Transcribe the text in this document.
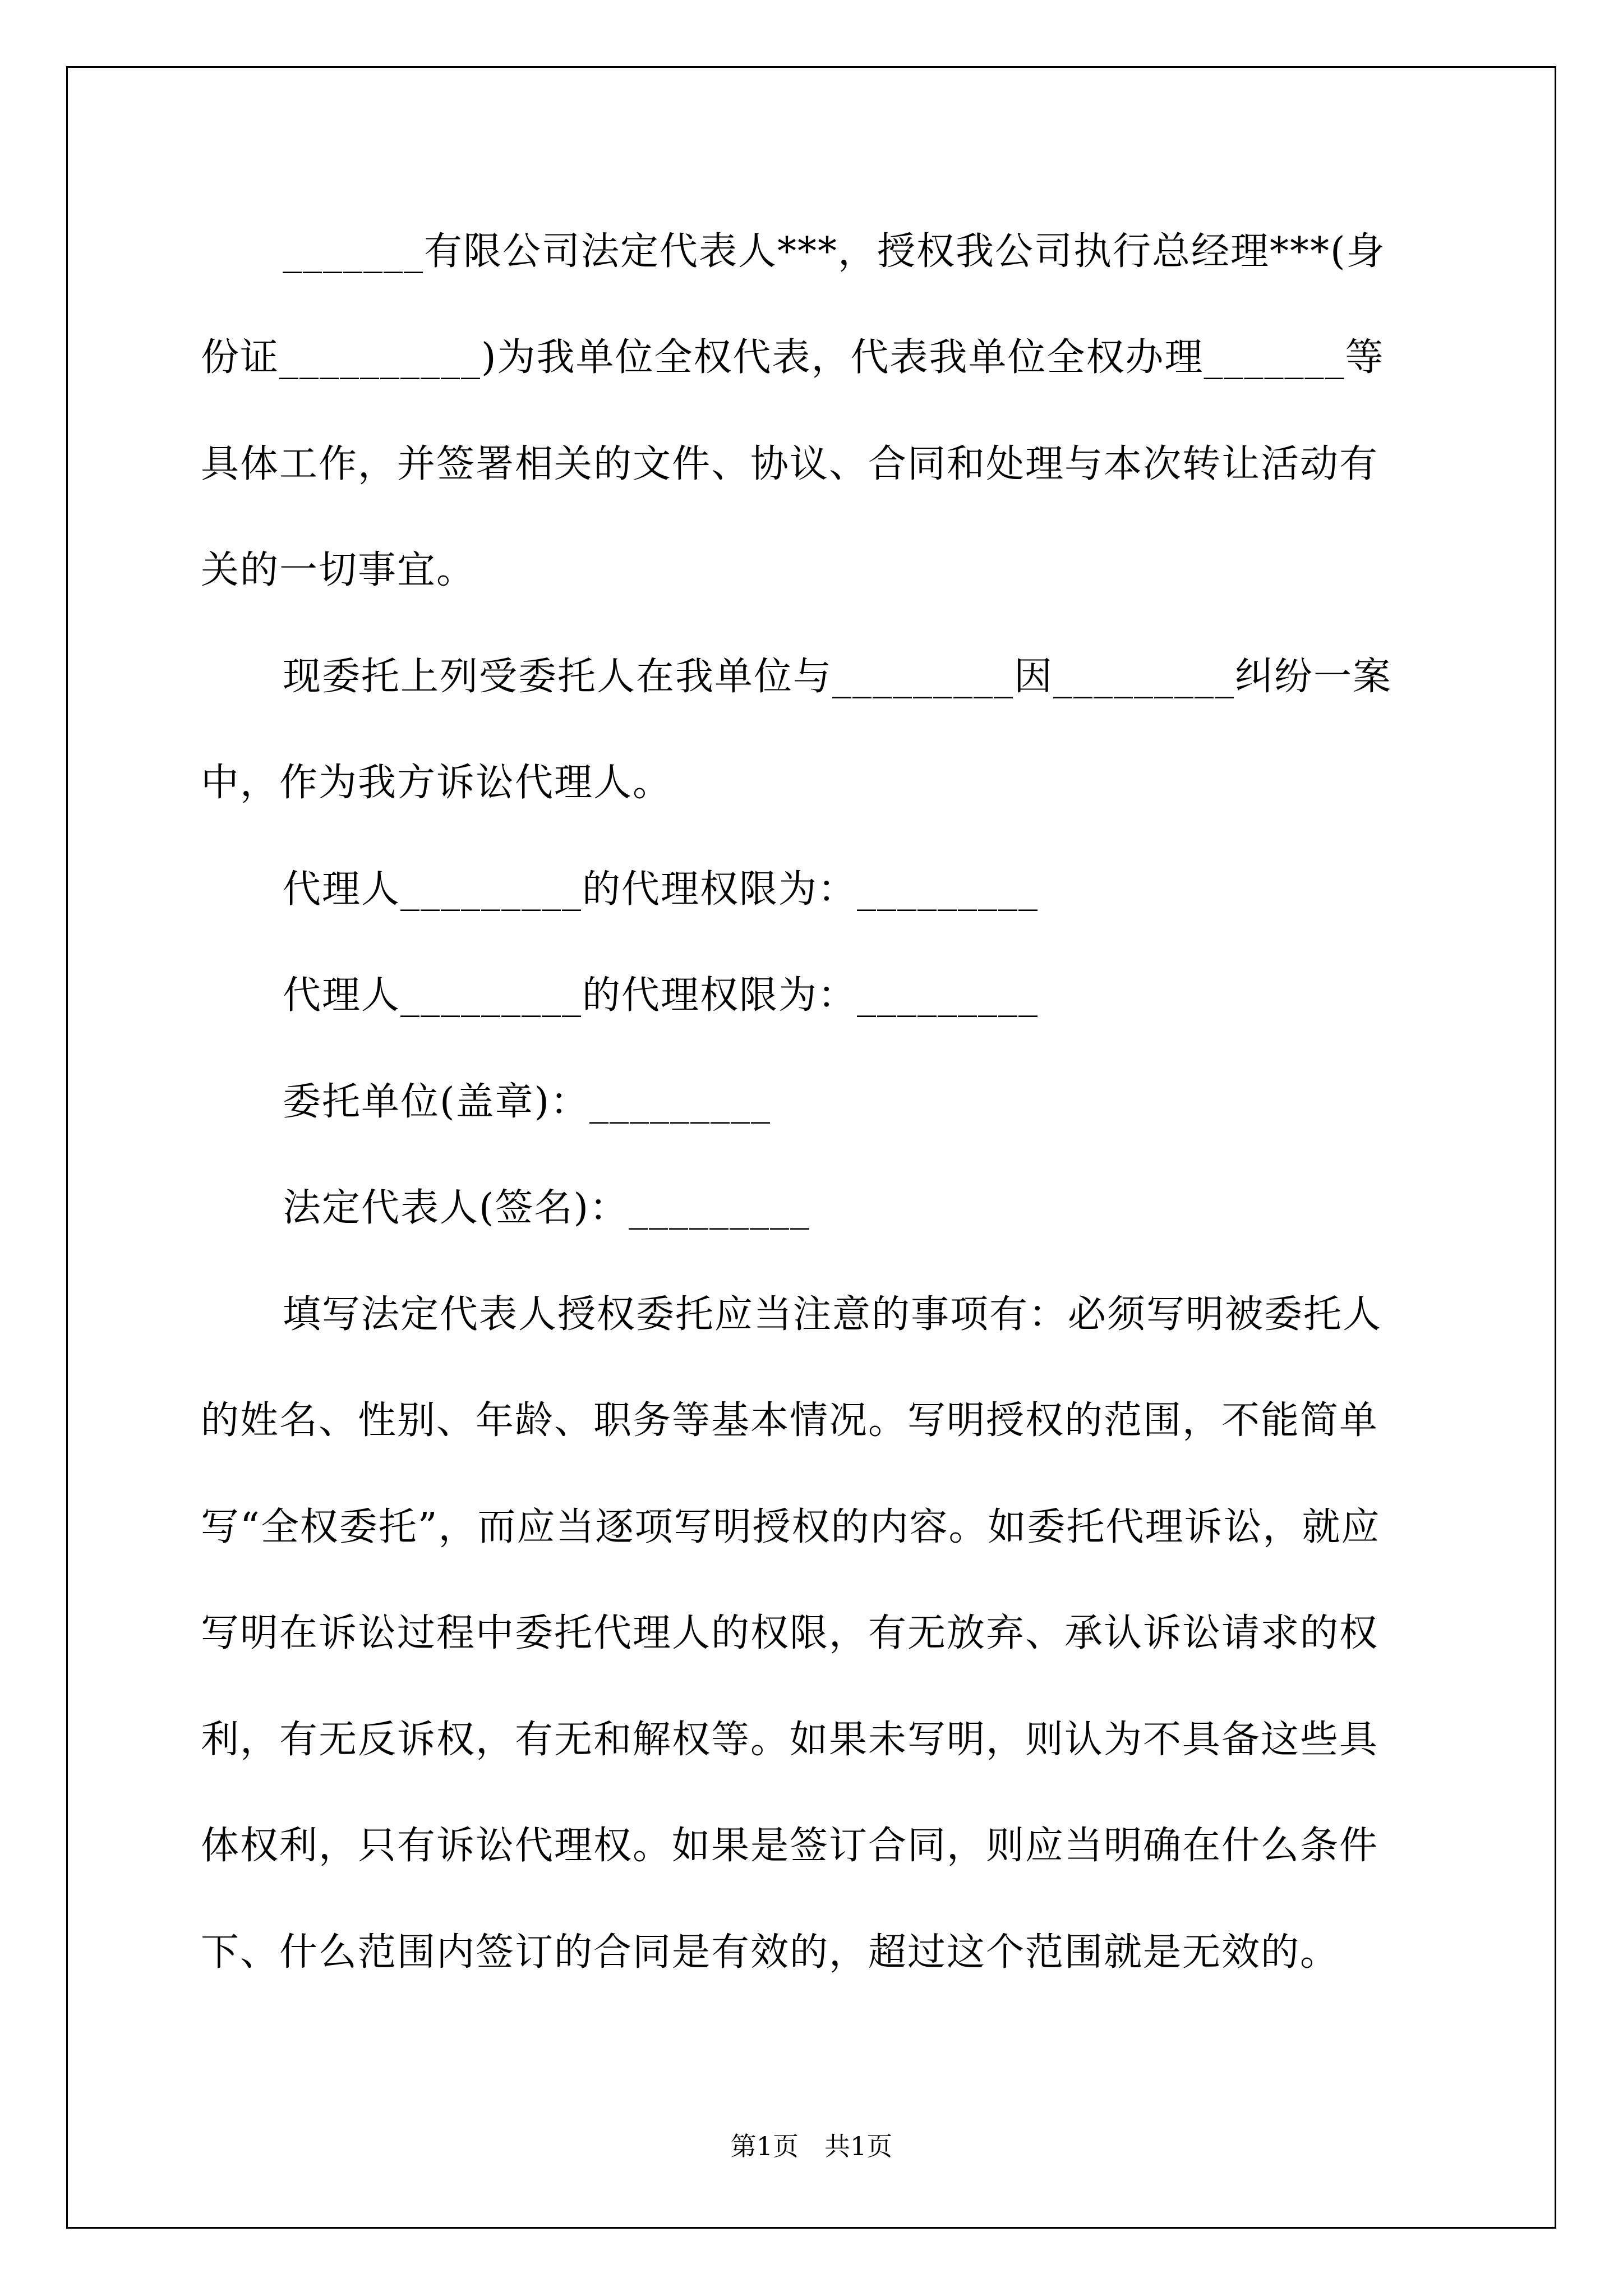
_______有限公司法定代表人***，授权我公司执行总经理***(身
份证__________)为我单位全权代表，代表我单位全权办理_______等
具体工作，并签署相关的文件、协议、合同和处理与本次转让活动有
关的一切事宜。
现委托上列受委托人在我单位与_________因_________纠纷一案
中，作为我方诉讼代理人。
代理人_________的代理权限为：_________
代理人_________的代理权限为：_________
委托单位(盖章)：_________
法定代表人(签名)：_________
填写法定代表人授权委托应当注意的事项有：必须写明被委托人
的姓名、性别、年龄、职务等基本情况。写明授权的范围，不能简单
写“全权委托”，而应当逐项写明授权的内容。如委托代理诉讼，就应
写明在诉讼过程中委托代理人的权限，有无放弃、承认诉讼请求的权
利，有无反诉权，有无和解权等。如果未写明，则认为不具备这些具
体权利，只有诉讼代理权。如果是签订合同，则应当明确在什么条件
下、什么范围内签订的合同是有效的，超过这个范围就是无效的。
第1页　共1页
